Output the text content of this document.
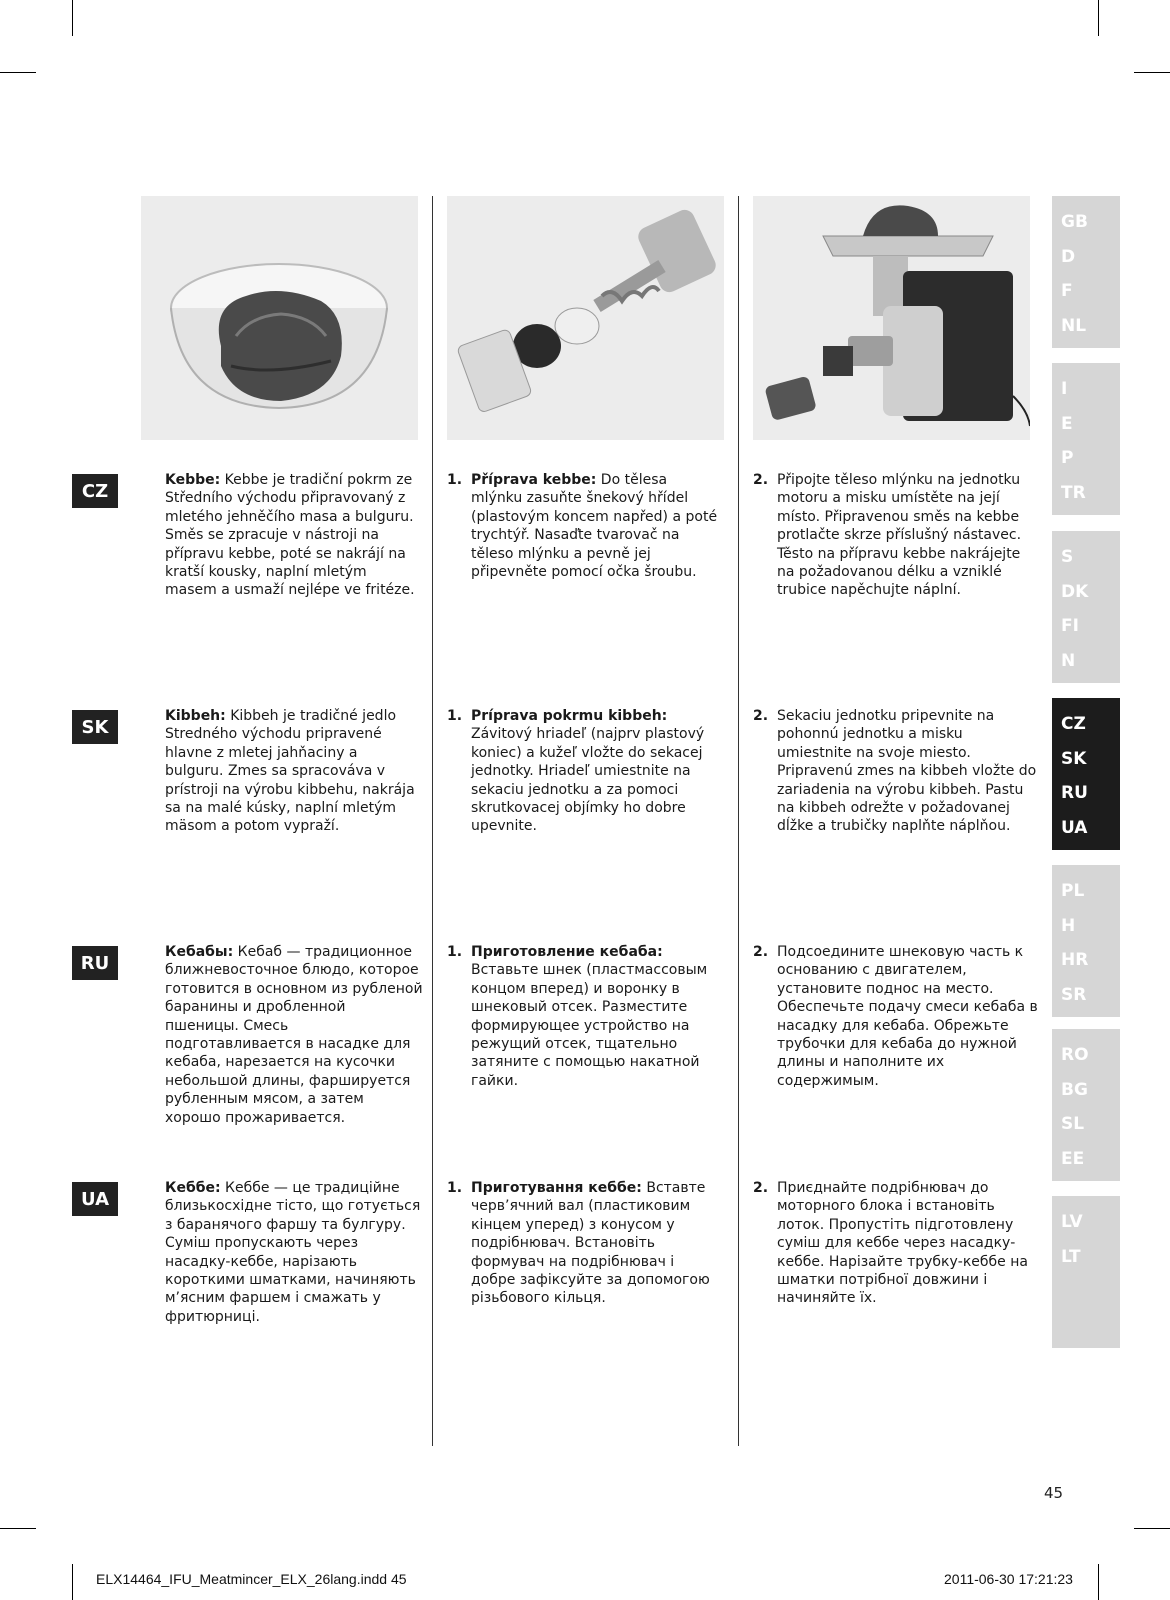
CZ
Kebbe: Kebbe je tradiční pokrm ze Středního východu připravovaný z mletého jehněčího masa a bulguru. Směs se zpracuje v nástroji na přípravu kebbe, poté se nakrájí na kratší kousky, naplní mletým masem a usmaží nejlépe ve fritéze.
1. Příprava kebbe: Do tělesa mlýnku zasuňte šnekový hřídel (plastovým koncem napřed) a poté trychtýř. Nasaďte tvarovač na těleso mlýnku a pevně jej připevněte pomocí očka šroubu.
2. Připojte těleso mlýnku na jednotku motoru a misku umístěte na její místo. Připravenou směs na kebbe protlačte skrze příslušný nástavec. Těsto na přípravu kebbe nakrájejte na požadovanou délku a vzniklé trubice napěchujte náplní.
SK
Kibbeh: Kibbeh je tradičné jedlo Stredného východu pripravené hlavne z mletej jahňaciny a bulguru. Zmes sa spracováva v prístroji na výrobu kibbehu, nakrája sa na malé kúsky, naplní mletým mäsom a potom vypraží.
1. Príprava pokrmu kibbeh: Závitový hriadeľ (najprv plastový koniec) a kužeľ vložte do sekacej jednotky. Hriadeľ umiestnite na sekaciu jednotku a za pomoci skrutkovacej objímky ho dobre upevnite.
2. Sekaciu jednotku pripevnite na pohonnú jednotku a misku umiestnite na svoje miesto. Pripravenú zmes na kibbeh vložte do zariadenia na výrobu kibbeh. Pastu na kibbeh odrežte v požadovanej dĺžke a trubičky naplňte náplňou.
RU
Кебабы: Кебаб — традиционное ближневосточное блюдо, которое готовится в основном из рубленой баранины и дробленной пшеницы. Смесь подготавливается в насадке для кебаба, нарезается на кусочки небольшой длины, фаршируется рубленным мясом, а затем хорошо прожаривается.
1. Приготовление кебаба: Вставьте шнек (пластмассовым концом вперед) и воронку в шнековый отсек. Разместите формирующее устройство на режущий отсек, тщательно затяните с помощью накатной гайки.
2. Подсоедините шнековую часть к основанию с двигателем, установите поднос на место. Обеспечьте подачу смеси кебаба в насадку для кебаба. Обрежьте трубочки для кебаба до нужной длины и наполните их содержимым.
UA
Кеббе: Кеббе — це традиційне близькосхідне тісто, що готується з баранячого фаршу та булгуру. Суміш пропускають через насадку-кеббе, нарізають короткими шматками, начиняють м’ясним фаршем і смажать у фритюрниці.
1. Приготування кеббе: Вставте черв’ячний вал (пластиковим кінцем уперед) з конусом у подрібнювач. Встановіть формувач на подрібнювач і добре зафіксуйте за допомогою різьбового кільця.
2. Приєднайте подрібнювач до моторного блока і встановіть лоток. Пропустіть підготовлену суміш для кеббе через насадку-кеббе. Нарізайте трубку-кеббе на шматки потрібної довжини і начиняйте їх.
GB
D
F
NL
I
E
P
TR
S
DK
FI
N
CZ
SK
RU
UA
PL
H
HR
SR
RO
BG
SL
EE
LV
LT
45
ELX14464_IFU_Meatmincer_ELX_26lang.indd 45	2011-06-30 17:21:23
